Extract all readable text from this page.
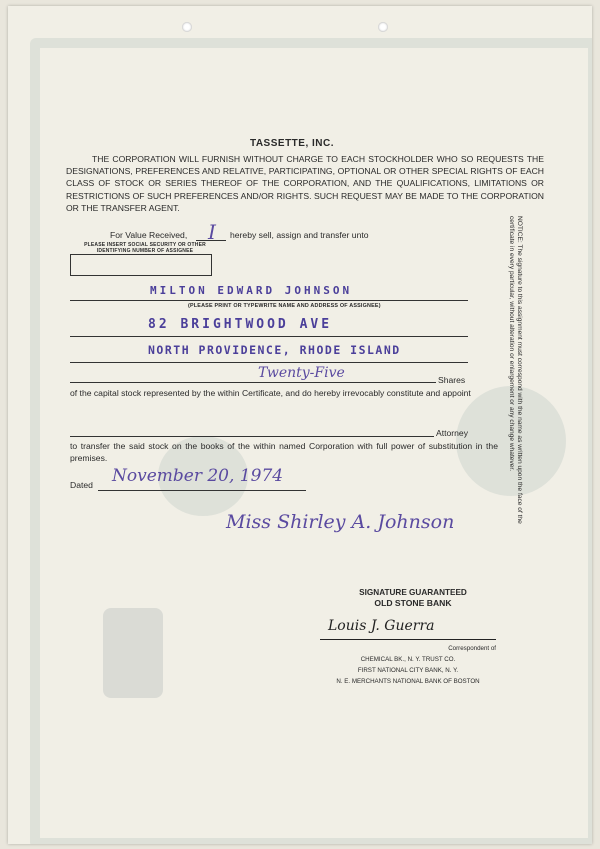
TASSETTE, INC.

THE CORPORATION WILL FURNISH WITHOUT CHARGE TO EACH STOCKHOLDER WHO SO REQUESTS THE DESIGNATIONS, PREFERENCES AND RELATIVE, PARTICIPATING, OPTIONAL OR OTHER SPECIAL RIGHTS OF EACH CLASS OF STOCK OR SERIES THEREOF OF THE CORPORATION, AND THE QUALIFICATIONS, LIMITATIONS OR RESTRICTIONS OF SUCH PREFERENCES AND/OR RIGHTS. SUCH REQUEST MAY BE MADE TO THE CORPORATION OR THE TRANSFER AGENT.

For Value Received, I hereby sell, assign and transfer unto
PLEASE INSERT SOCIAL SECURITY OR OTHER
IDENTIFYING NUMBER OF ASSIGNEE
MILTON EDWARD JOHNSON
(PLEASE PRINT OR TYPEWRITE NAME AND ADDRESS OF ASSIGNEE)
82 BRIGHTWOOD AVE
NORTH PROVIDENCE, RHODE ISLAND
Twenty-Five	Shares

of the capital stock represented by the within Certificate, and do hereby irrevocably constitute and appoint

Attorney

to transfer the said stock on the books of the within named Corporation with full power of substitution in the premises.

Dated November 20, 1974
Miss Shirley A. Johnson	NOTICE: The signature to this assignment must correspond with the name as written upon the face of the certificate in every particular, without alteration or enlargement or any change whatever.
SIGNATURE GUARANTEED
OLD STONE BANK
Louis J. Guerra
Correspondent of
CHEMICAL BK., N. Y. TRUST CO.
FIRST NATIONAL CITY BANK, N. Y.
N. E. MERCHANTS NATIONAL BANK OF BOSTON
